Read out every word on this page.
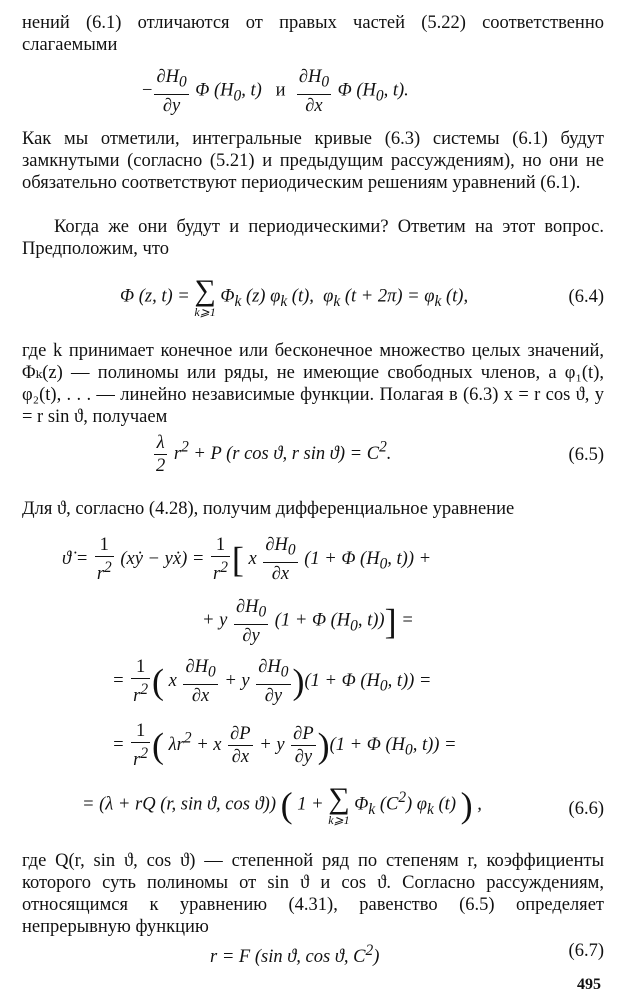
нений (6.1) отличаются от правых частей (5.22) соответственно слагаемыми

− $\frac{\partial H_0}{\partial y}$ Φ ($H_0$, t)   и $\frac{\partial H_0}{\partial x}$ Φ ($H_0$, t).

Как мы отметили, интегральные кривые (6.3) системы (6.1) будут замкнутыми (согласно (5.21) и предыдущим рассуждениям), но они не обязательно соответствуют периодическим решениям уравнений (6.1).

Когда же они будут и периодическими? Ответим на этот вопрос. Предположим, что

Φ (z, t) = ∑
k⩾1
$\Phi_k$ (z) $\varphi_k$ (t),  $\varphi_k$ $(t + 2\pi) = \varphi_k$ (t),	(6.4)

где k принимает конечное или бесконечное множество целых значений, Φₖ(z) — полиномы или ряды, не имеющие свободных членов, а φ₁(t), φ₂(t), . . . — линейно независимые функции. Полагая в (6.3) x = r cos ϑ, y = r sin ϑ, получаем

$\frac{\lambda}{2} r^2 + P$ (r cos ϑ, r $\sin ϑ) = C^2$.	(6.5)

Для ϑ, согласно (4.28), получим дифференциальное уравнение

ϑ̇ = $\frac{1}{r^2}$ (xẏ − yẋ) = $\frac{1}{r^2}$ [ x $\frac{\partial H_0}{\partial x} (1 + \Phi$ ($H_0$, t)) +
+ y $\frac{\partial H_0}{\partial y} (1 + \Phi$ ($H_0$, t))] =
= $\frac{1}{r^2}$ ( x $\frac{\partial H_0}{\partial x} + y \frac{\partial H_0}{\partial y} )(1 + \Phi$ ($H_0$, t)) =
= $\frac{1}{r^2}$ ( $\lambda r^2 + x \frac{\partial P}{\partial x} + y \frac{\partial P}{\partial y} )(1 + \Phi$ ($H_0$, t)) =
= (λ + rQ (r, sin ϑ, cos ϑ)) ( 1 + ∑
k⩾1
$\Phi_k$ $(C^2)$ $\varphi_k$ (t) ) ,	(6.6)

где Q(r, sin ϑ, cos ϑ) — степенной ряд по степеням r, коэффициенты которого суть полиномы от sin ϑ и cos ϑ. Согласно рассуждениям, относящимся к уравнению (4.31), равенство (6.5) определяет непрерывную функцию

r = F (sin ϑ, cos ϑ, $C^2$)	(6.7)
495
